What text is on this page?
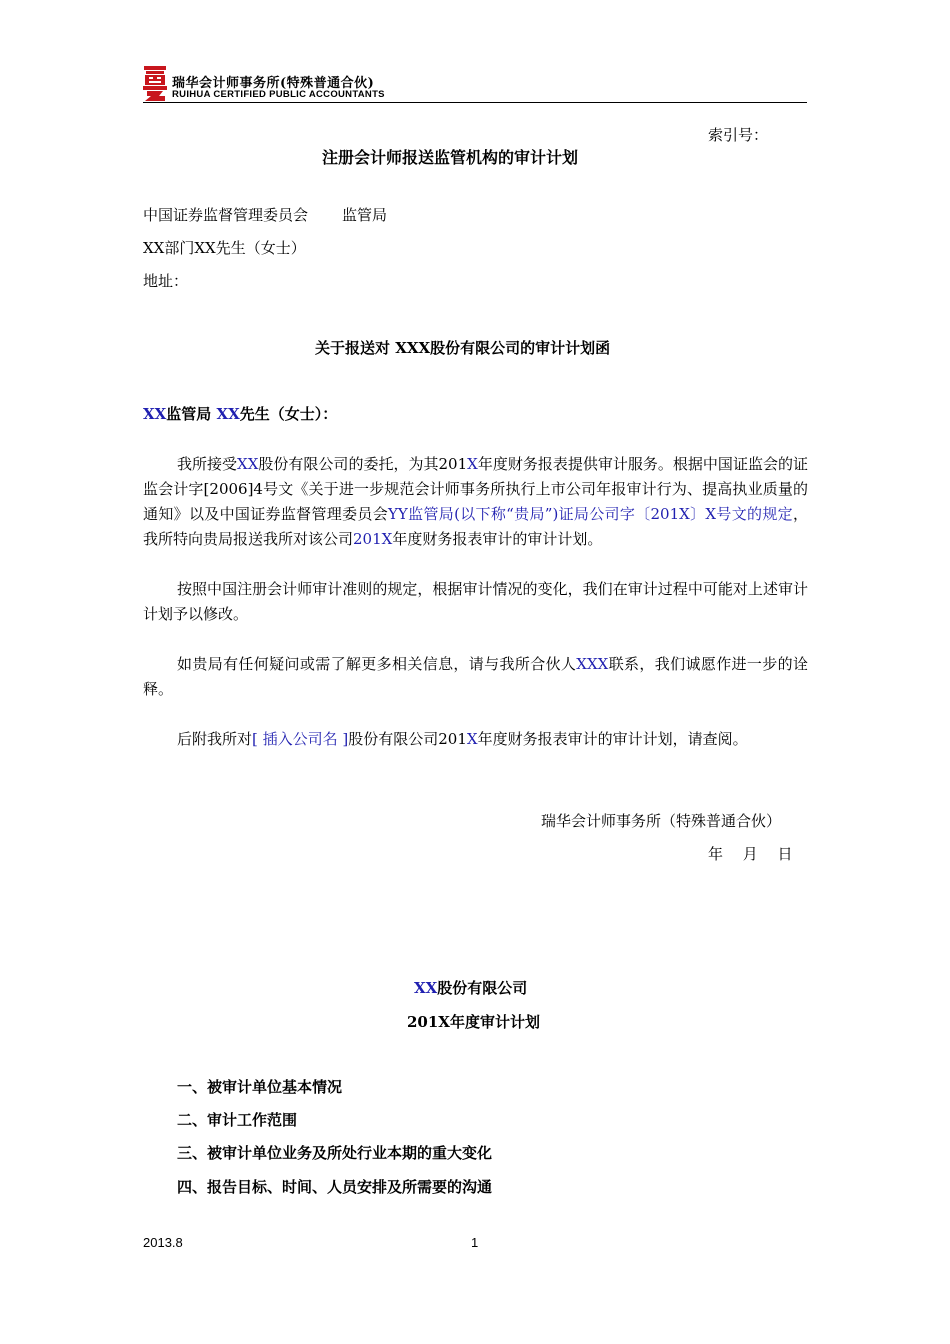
瑞华会计师事务所(特殊普通合伙)
RUIHUA CERTIFIED PUBLIC ACCOUNTANTS
索引号：
注册会计师报送监管机构的审计计划
中国证券监督管理委员会 监管局
XX部门XX先生（女士）
地址：
关于报送对 XXX股份有限公司的审计计划函
XX监管局 XX先生（女士）：
我所接受XX股份有限公司的委托，为其201X年度财务报表提供审计服务。根据中国证监会的证监会计字[2006]4号文《关于进一步规范会计师事务所执行上市公司年报审计行为、提高执业质量的通知》以及中国证券监督管理委员会YY监管局(以下称“贵局”)证局公司字〔201X〕X号文的规定，我所特向贵局报送我所对该公司201X年度财务报表审计的审计计划。
按照中国注册会计师审计准则的规定，根据审计情况的变化，我们在审计过程中可能对上述审计计划予以修改。
如贵局有任何疑问或需了解更多相关信息，请与我所合伙人XXX联系，我们诚愿作进一步的诠释。
后附我所对[ 插入公司名 ]股份有限公司201X年度财务报表审计的审计计划，请查阅。
瑞华会计师事务所（特殊普通合伙）
年　 月　 日
XX股份有限公司
201X年度审计计划
一、被审计单位基本情况
二、审计工作范围
三、被审计单位业务及所处行业本期的重大变化
四、报告目标、时间、人员安排及所需要的沟通
2013.8	1
